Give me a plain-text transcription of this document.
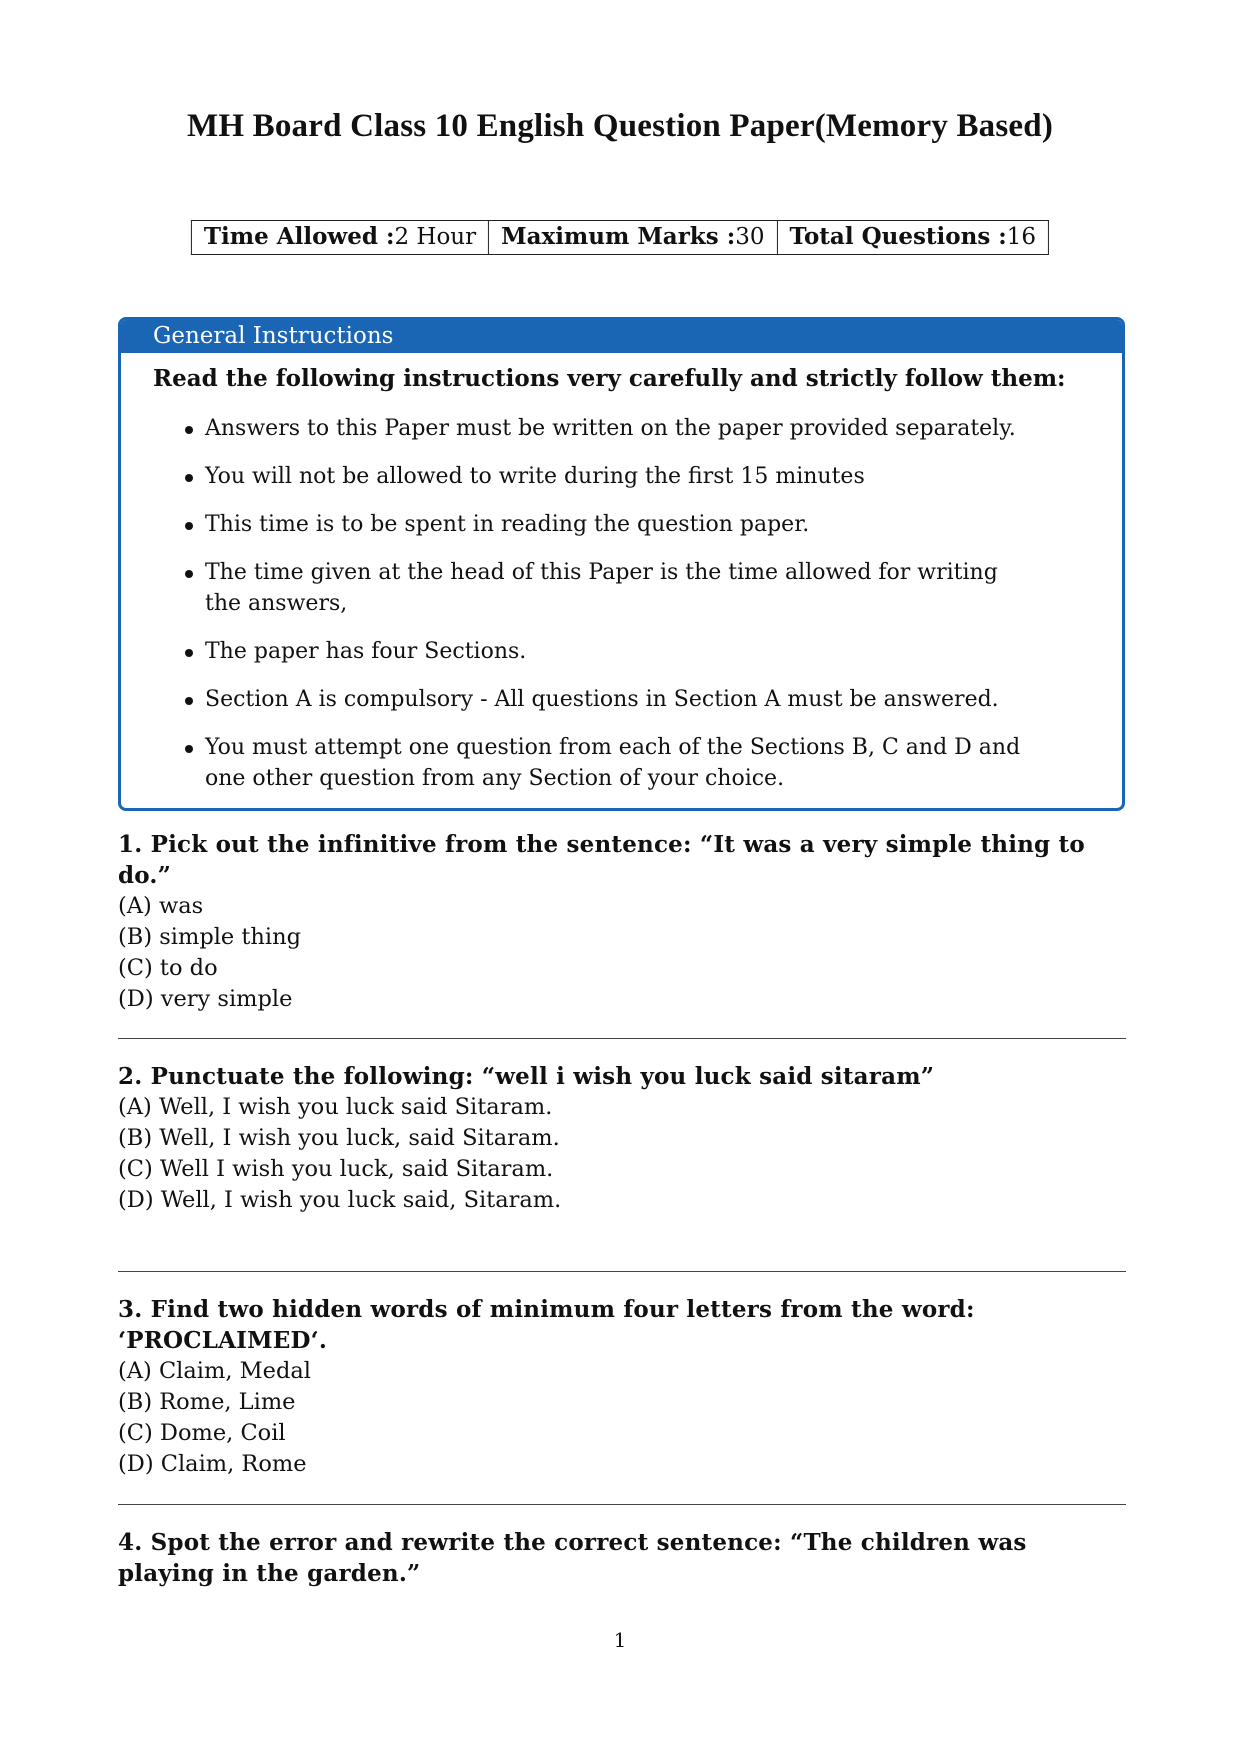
MH Board Class 10 English Question Paper(Memory Based)
Time Allowed :2 Hour	Maximum Marks :30	Total Questions :16
General Instructions
Read the following instructions very carefully and strictly follow them:
Answers to this Paper must be written on the paper provided separately.
You will not be allowed to write during the first 15 minutes
This time is to be spent in reading the question paper.
The time given at the head of this Paper is the time allowed for writing the answers,
The paper has four Sections.
Section A is compulsory - All questions in Section A must be answered.
You must attempt one question from each of the Sections B, C and D and one other question from any Section of your choice.
1. Pick out the infinitive from the sentence: “It was a very simple thing to do.”
(A) was
(B) simple thing
(C) to do
(D) very simple
2. Punctuate the following: “well i wish you luck said sitaram”
(A) Well, I wish you luck said Sitaram.
(B) Well, I wish you luck, said Sitaram.
(C) Well I wish you luck, said Sitaram.
(D) Well, I wish you luck said, Sitaram.
3. Find two hidden words of minimum four letters from the word: ‘PROCLAIMED‘.
(A) Claim, Medal
(B) Rome, Lime
(C) Dome, Coil
(D) Claim, Rome
4. Spot the error and rewrite the correct sentence: “The children was playing in the garden.”
1
